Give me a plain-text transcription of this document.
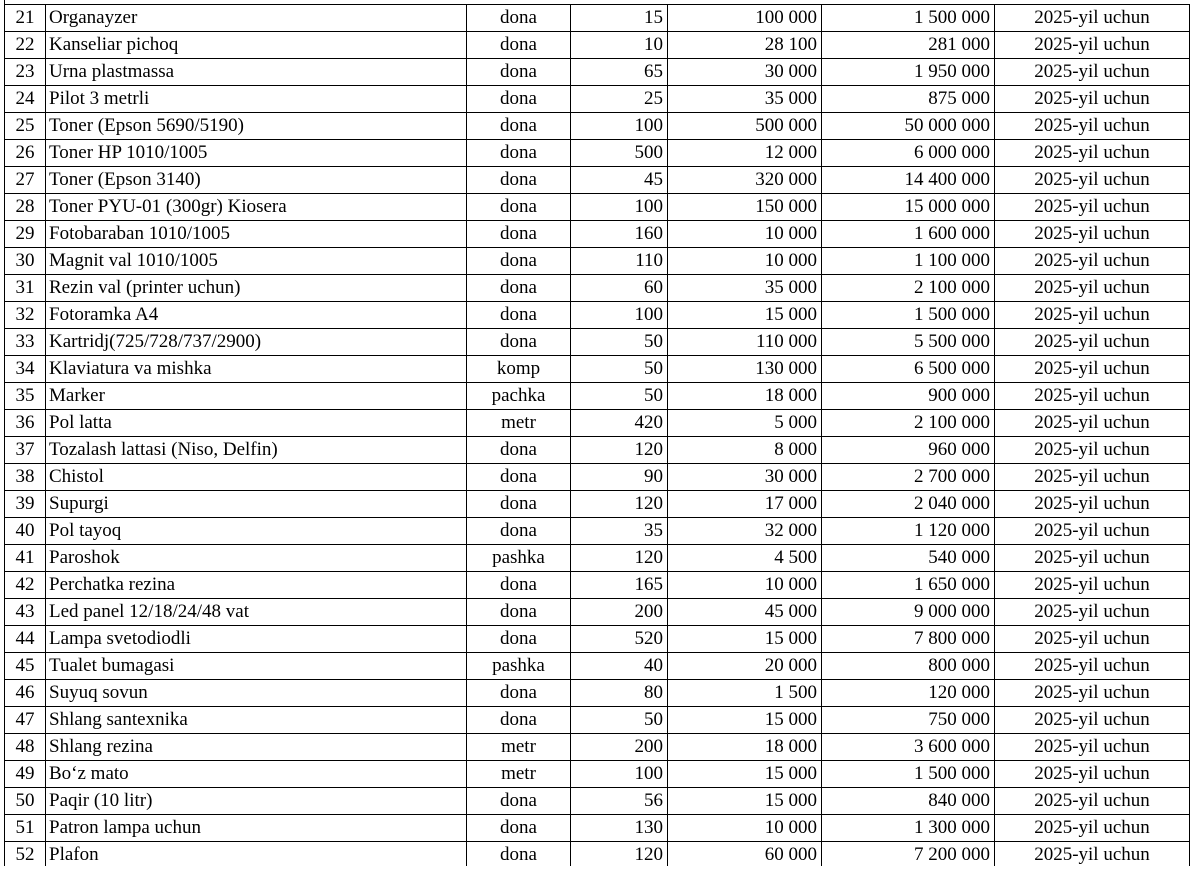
21	Organayzer	dona	15	100 000	1 500 000	2025-yil uchun
22	Kanseliar pichoq	dona	10	28 100	281 000	2025-yil uchun
23	Urna plastmassa	dona	65	30 000	1 950 000	2025-yil uchun
24	Pilot 3 metrli	dona	25	35 000	875 000	2025-yil uchun
25	Toner (Epson 5690/5190)	dona	100	500 000	50 000 000	2025-yil uchun
26	Toner HP 1010/1005	dona	500	12 000	6 000 000	2025-yil uchun
27	Toner (Epson 3140)	dona	45	320 000	14 400 000	2025-yil uchun
28	Toner PYU-01 (300gr) Kiosera	dona	100	150 000	15 000 000	2025-yil uchun
29	Fotobaraban 1010/1005	dona	160	10 000	1 600 000	2025-yil uchun
30	Magnit val 1010/1005	dona	110	10 000	1 100 000	2025-yil uchun
31	Rezin val (printer uchun)	dona	60	35 000	2 100 000	2025-yil uchun
32	Fotoramka A4	dona	100	15 000	1 500 000	2025-yil uchun
33	Kartridj(725/728/737/2900)	dona	50	110 000	5 500 000	2025-yil uchun
34	Klaviatura va mishka	komp	50	130 000	6 500 000	2025-yil uchun
35	Marker	pachka	50	18 000	900 000	2025-yil uchun
36	Pol latta	metr	420	5 000	2 100 000	2025-yil uchun
37	Tozalash lattasi (Niso, Delfin)	dona	120	8 000	960 000	2025-yil uchun
38	Chistol	dona	90	30 000	2 700 000	2025-yil uchun
39	Supurgi	dona	120	17 000	2 040 000	2025-yil uchun
40	Pol tayoq	dona	35	32 000	1 120 000	2025-yil uchun
41	Paroshok	pashka	120	4 500	540 000	2025-yil uchun
42	Perchatka rezina	dona	165	10 000	1 650 000	2025-yil uchun
43	Led panel 12/18/24/48 vat	dona	200	45 000	9 000 000	2025-yil uchun
44	Lampa svetodiodli	dona	520	15 000	7 800 000	2025-yil uchun
45	Tualet bumagasi	pashka	40	20 000	800 000	2025-yil uchun
46	Suyuq sovun	dona	80	1 500	120 000	2025-yil uchun
47	Shlang santexnika	dona	50	15 000	750 000	2025-yil uchun
48	Shlang rezina	metr	200	18 000	3 600 000	2025-yil uchun
49	Bo‘z mato	metr	100	15 000	1 500 000	2025-yil uchun
50	Paqir (10 litr)	dona	56	15 000	840 000	2025-yil uchun
51	Patron lampa uchun	dona	130	10 000	1 300 000	2025-yil uchun
52	Plafon	dona	120	60 000	7 200 000	2025-yil uchun
